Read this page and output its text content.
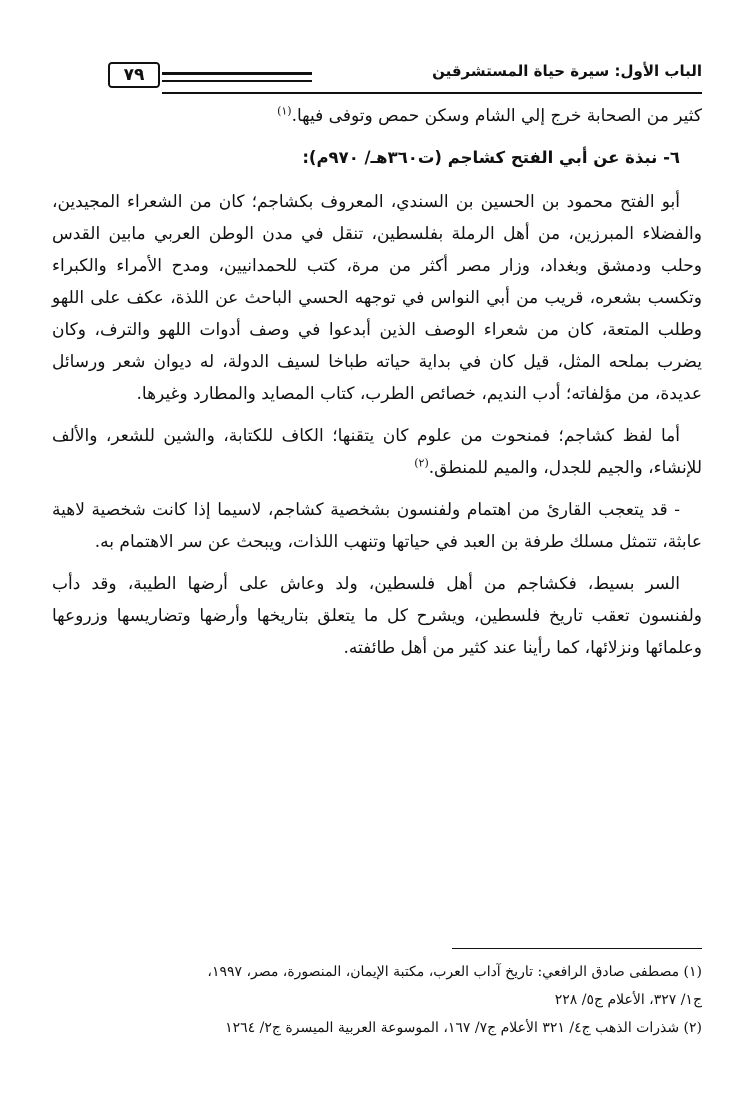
٧٩	الباب الأول: سيرة حياة المستشرقين

كثير من الصحابة خرج إلي الشام وسكن حمص وتوفى فيها.$^{(١)}$

٦- نبذة عن أبي الفتح كشاجم (ت٣٦٠هـ/ ٩٧٠م):

أبو الفتح محمود بن الحسين بن السندي، المعروف بكشاجم؛ كان من الشعراء المجيدين، والفضلاء المبرزين، من أهل الرملة بفلسطين، تنقل في مدن الوطن العربي مابين القدس وحلب ودمشق وبغداد، وزار مصر أكثر من مرة، كتب للحمدانيين، ومدح الأمراء والكبراء وتكسب بشعره، قريب من أبي النواس في توجهه الحسي الباحث عن اللذة، عكف على اللهو وطلب المتعة، كان من شعراء الوصف الذين أبدعوا في وصف أدوات اللهو والترف، وكان يضرب بملحه المثل، قيل كان في بداية حياته طباخا لسيف الدولة، له ديوان شعر ورسائل عديدة، من مؤلفاته؛ أدب النديم، خصائص الطرب، كتاب المصايد والمطارد وغيرها.

أما لفظ كشاجم؛ فمنحوت من علوم كان يتقنها؛ الكاف للكتابة، والشين للشعر، والألف للإنشاء، والجيم للجدل، والميم للمنطق.$^{(٢)}$

- قد يتعجب القارئ من اهتمام ولفنسون بشخصية كشاجم، لاسيما إذا كانت شخصية لاهية عابثة، تتمثل مسلك طرفة بن العبد في حياتها وتنهب اللذات، ويبحث عن سر الاهتمام به.

السر بسيط، فكشاجم من أهل فلسطين، ولد وعاش على أرضها الطيبة، وقد دأب ولفنسون تعقب تاريخ فلسطين، ويشرح كل ما يتعلق بتاريخها وأرضها وتضاريسها وزروعها وعلمائها ونزلائها، كما رأينا عند كثير من أهل طائفته.

(١) مصطفى صادق الرافعي: تاريخ آداب العرب، مكتبة الإيمان، المنصورة، مصر، ١٩٩٧،

ج١/ ٣٢٧، الأعلام ج٥/ ٢٢٨

(٢) شذرات الذهب ج٤/ ٣٢١ الأعلام ج٧/ ١٦٧، الموسوعة العربية الميسرة ج٢/ ١٢٦٤
